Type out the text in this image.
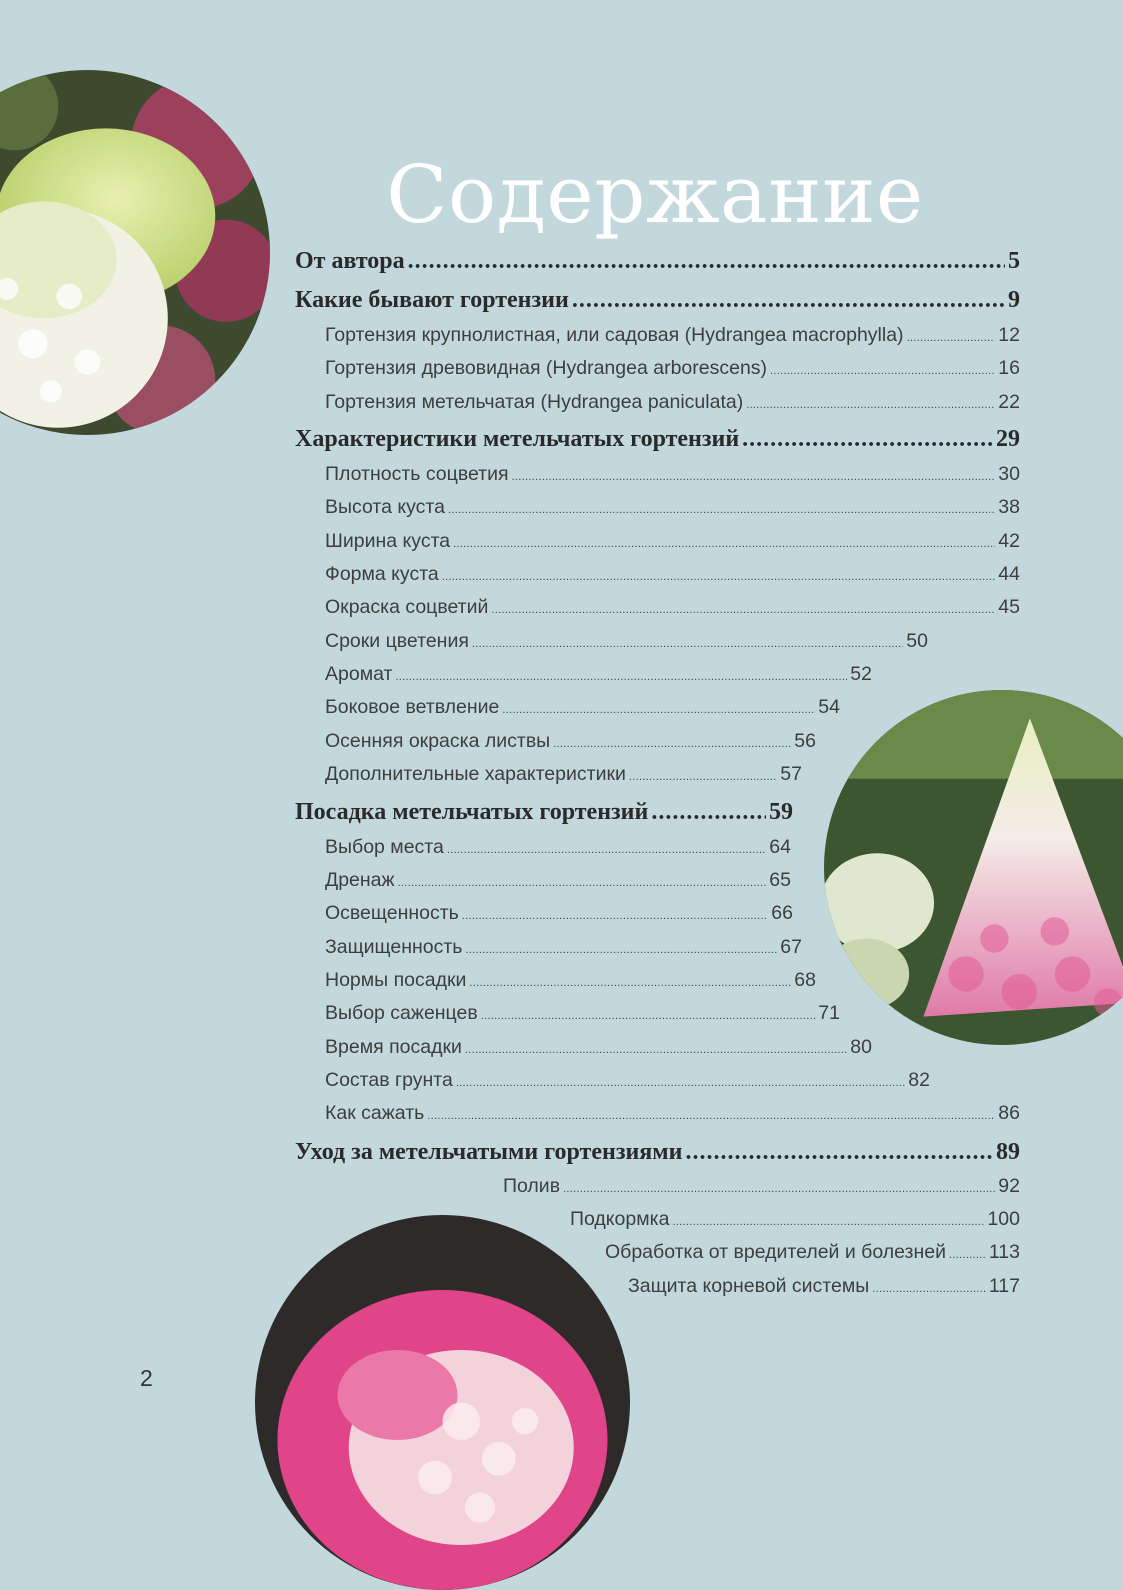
Содержание
От автора .....	5
Какие бывают гортензии .....	9
Гортензия крупнолистная, или садовая (Hydrangea macrophylla) .....	12
Гортензия древовидная (Hydrangea arborescens) .....	16
Гортензия метельчатая (Hydrangea paniculata) .....	22
Характеристики метельчатых гортензий .....	29
Плотность соцветия .....	30
Высота куста .....	38
Ширина куста .....	42
Форма куста .....	44
Окраска соцветий .....	45
Сроки цветения .....	50
Аромат .....	52
Боковое ветвление .....	54
Осенняя окраска листвы .....	56
Дополнительные характеристики .....	57
Посадка метельчатых гортензий .....	59
Выбор места .....	64
Дренаж .....	65
Освещенность .....	66
Защищенность .....	67
Нормы посадки .....	68
Выбор саженцев .....	71
Время посадки .....	80
Состав грунта .....	82
Как сажать .....	86
Уход за метельчатыми гортензиями .....	89
Полив .....	92
Подкормка .....	100
Обработка от вредителей и болезней ..... 113
Защита корневой системы .....	117
2
